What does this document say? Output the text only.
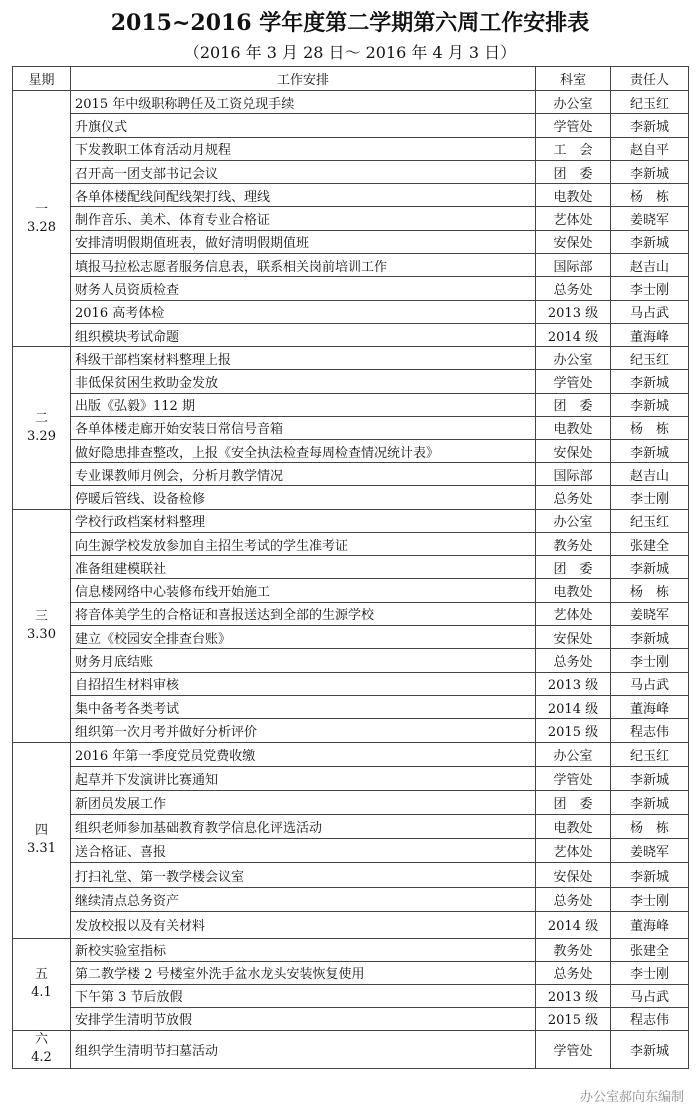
2015~2016 学年度第二学期第六周工作安排表
（2016 年 3 月 28 日～ 2016 年 4 月 3 日）
星期	工作安排	科室	责任人

一
3.28	2015 年中级职称聘任及工资兑现手续	办公室	纪玉红
	升旗仪式	学管处	李新城
	下发教职工体育活动月规程	工　会	赵自平
	召开高一团支部书记会议	团　委	李新城
	各单体楼配线间配线架打线、理线	电教处	杨　栋
	制作音乐、美术、体育专业合格证	艺体处	姜晓军
	安排清明假期值班表，做好清明假期值班	安保处	李新城
	填报马拉松志愿者服务信息表，联系相关岗前培训工作	国际部	赵吉山
	财务人员资质检查	总务处	李士刚
	2016 高考体检	2013 级	马占武
	组织模块考试命题	2014 级	董海峰

二
3.29	科级干部档案材料整理上报	办公室	纪玉红
	非低保贫困生救助金发放	学管处	李新城
	出版《弘毅》112 期	团　委	李新城
	各单体楼走廊开始安装日常信号音箱	电教处	杨　栋
	做好隐患排查整改，上报《安全执法检查每周检查情况统计表》	安保处	李新城
	专业课教师月例会，分析月教学情况	国际部	赵吉山
	停暖后管线、设备检修	总务处	李士刚

三
3.30	学校行政档案材料整理	办公室	纪玉红
	向生源学校发放参加自主招生考试的学生准考证	教务处	张建全
	准备组建模联社	团　委	李新城
	信息楼网络中心装修布线开始施工	电教处	杨　栋
	将音体美学生的合格证和喜报送达到全部的生源学校	艺体处	姜晓军
	建立《校园安全排查台账》	安保处	李新城
	财务月底结账	总务处	李士刚
	自招招生材料审核	2013 级	马占武
	集中备考各类考试	2014 级	董海峰
	组织第一次月考并做好分析评价	2015 级	程志伟

四
3.31	2016 年第一季度党员党费收缴	办公室	纪玉红
	起草并下发演讲比赛通知	学管处	李新城
	新团员发展工作	团　委	李新城
	组织老师参加基础教育教学信息化评选活动	电教处	杨　栋
	送合格证、喜报	艺体处	姜晓军
	打扫礼堂、第一教学楼会议室	安保处	李新城
	继续清点总务资产	总务处	李士刚
	发放校报以及有关材料	2014 级	董海峰

五
4.1	新校实验室指标	教务处	张建全
	第二教学楼 2 号楼室外洗手盆水龙头安装恢复使用	总务处	李士刚
	下午第 3 节后放假	2013 级	马占武
	安排学生清明节放假	2015 级	程志伟

六
4.2	组织学生清明节扫墓活动	学管处	李新城
办公室郝向东编制
